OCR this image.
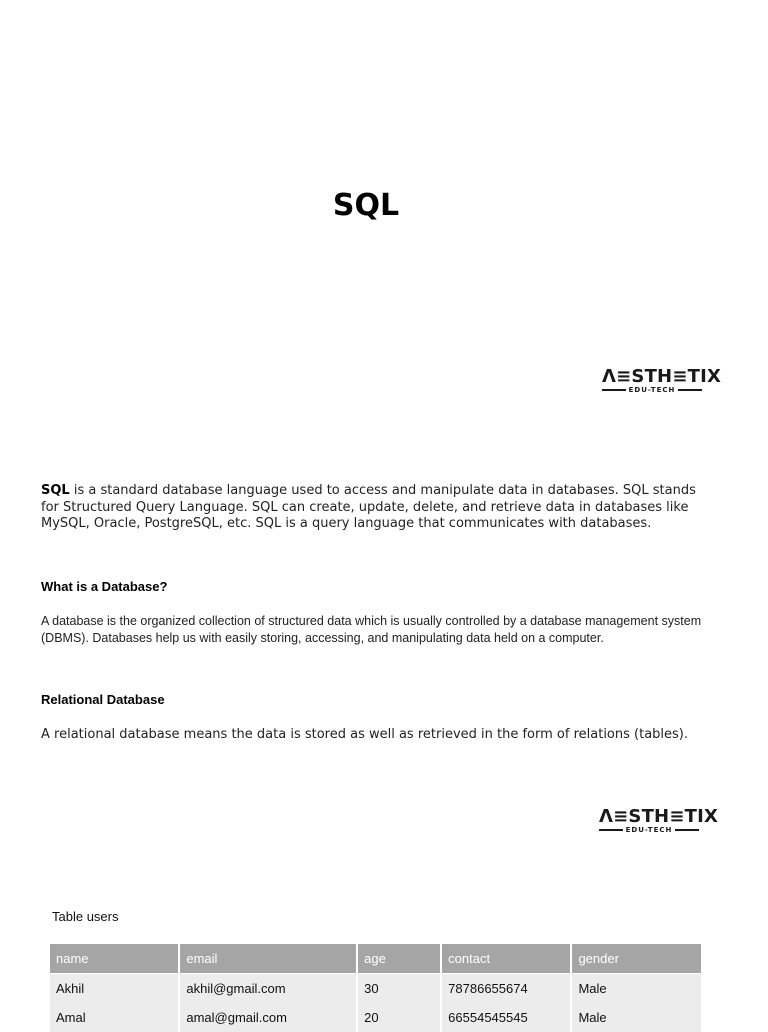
SQL
Λ≡STH≡TIX
EDU-TECH

SQL is a standard database language used to access and manipulate data in databases. SQL stands for Structured Query Language. SQL can create, update, delete, and retrieve data in databases like MySQL, Oracle, PostgreSQL, etc. SQL is a query language that communicates with databases.

What is a Database?

A database is the organized collection of structured data which is usually controlled by a database management system (DBMS). Databases help us with easily storing, accessing, and manipulating data held on a computer.

Relational Database

A relational database means the data is stored as well as retrieved in the form of relations (tables).

Λ≡STH≡TIX
EDU-TECH

Table users

name	email	age	contact	gender
Akhil	akhil@gmail.com	30	78786655674	Male
Amal	amal@gmail.com	20	66554545545	Male
